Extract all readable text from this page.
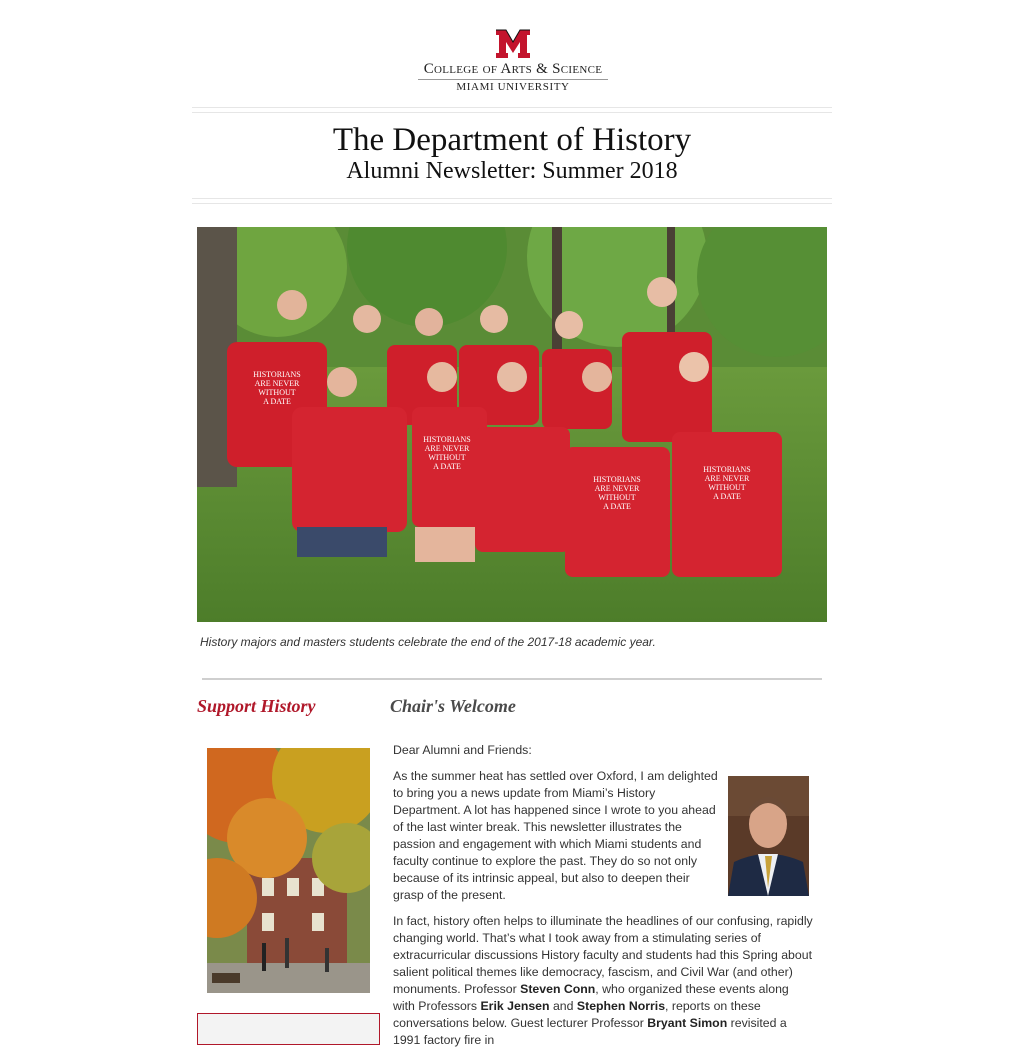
College of Arts & Science
MIAMI UNIVERSITY
The Department of History
Alumni Newsletter: Summer 2018
HISTORIANS
ARE NEVER
WITHOUT
A DATE
HISTORIANS
ARE NEVER
WITHOUT
A DATE
HISTORIANS
ARE NEVER
WITHOUT
A DATE
HISTORIANS
ARE NEVER
WITHOUT
A DATE
History majors and masters students celebrate the end of the 2017-18 academic year.
Support History	Chair's Welcome

Dear Alumni and Friends:

As the summer heat has settled over Oxford, I am delighted to bring you a news update from Miami’s History Department. A lot has happened since I wrote to you ahead of the last winter break. This newsletter illustrates the passion and engagement with which Miami students and faculty continue to explore the past. They do so not only because of its intrinsic appeal, but also to deepen their grasp of the present.

In fact, history often helps to illuminate the headlines of our confusing, rapidly changing world. That’s what I took away from a stimulating series of extracurricular discussions History faculty and students had this Spring about salient political themes like democracy, fascism, and Civil War (and other) monuments. Professor Steven Conn, who organized these events along with Professors Erik Jensen and Stephen Norris, reports on these conversations below. Guest lecturer Professor Bryant Simon revisited a 1991 factory fire in
